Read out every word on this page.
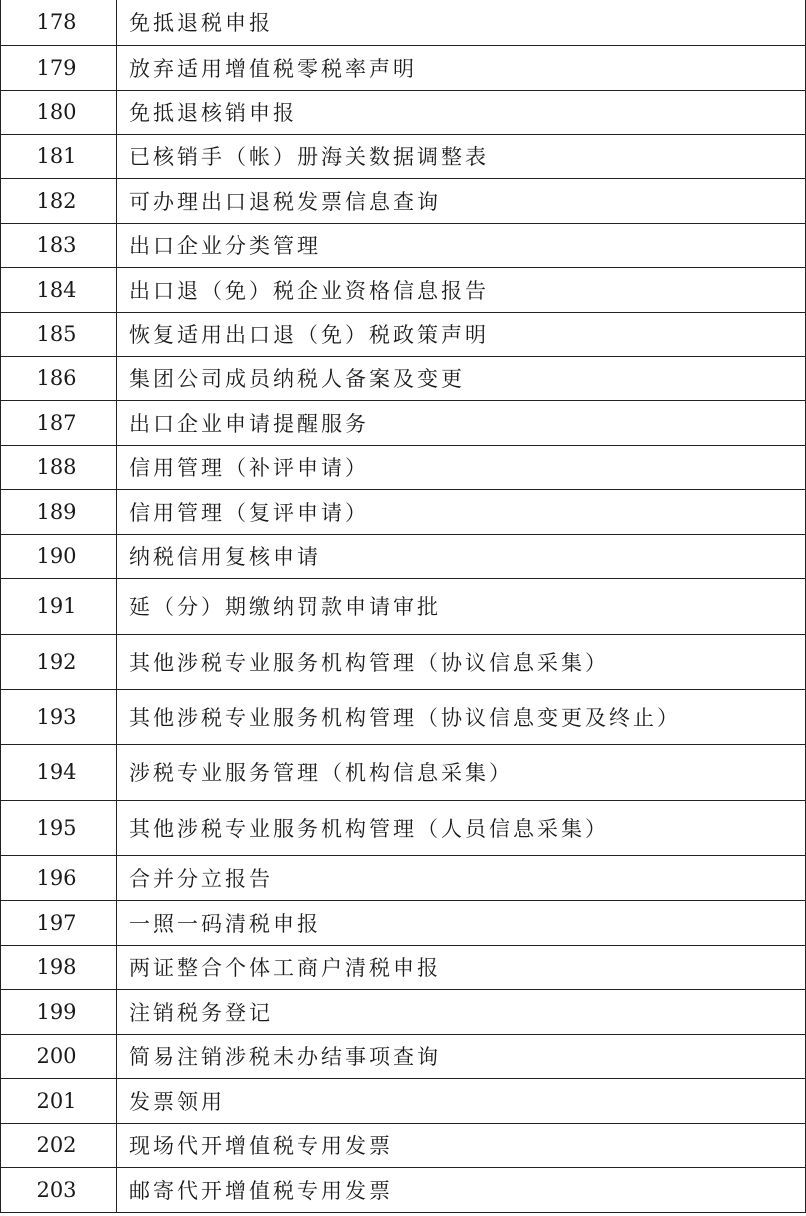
178	免抵退税申报
179	放弃适用增值税零税率声明
180	免抵退核销申报
181	已核销手（帐）册海关数据调整表
182	可办理出口退税发票信息查询
183	出口企业分类管理
184	出口退（免）税企业资格信息报告
185	恢复适用出口退（免）税政策声明
186	集团公司成员纳税人备案及变更
187	出口企业申请提醒服务
188	信用管理（补评申请）
189	信用管理（复评申请）
190	纳税信用复核申请
191	延（分）期缴纳罚款申请审批
192	其他涉税专业服务机构管理（协议信息采集）
193	其他涉税专业服务机构管理（协议信息变更及终止）
194	涉税专业服务管理（机构信息采集）
195	其他涉税专业服务机构管理（人员信息采集）
196	合并分立报告
197	一照一码清税申报
198	两证整合个体工商户清税申报
199	注销税务登记
200	简易注销涉税未办结事项查询
201	发票领用
202	现场代开增值税专用发票
203	邮寄代开增值税专用发票
